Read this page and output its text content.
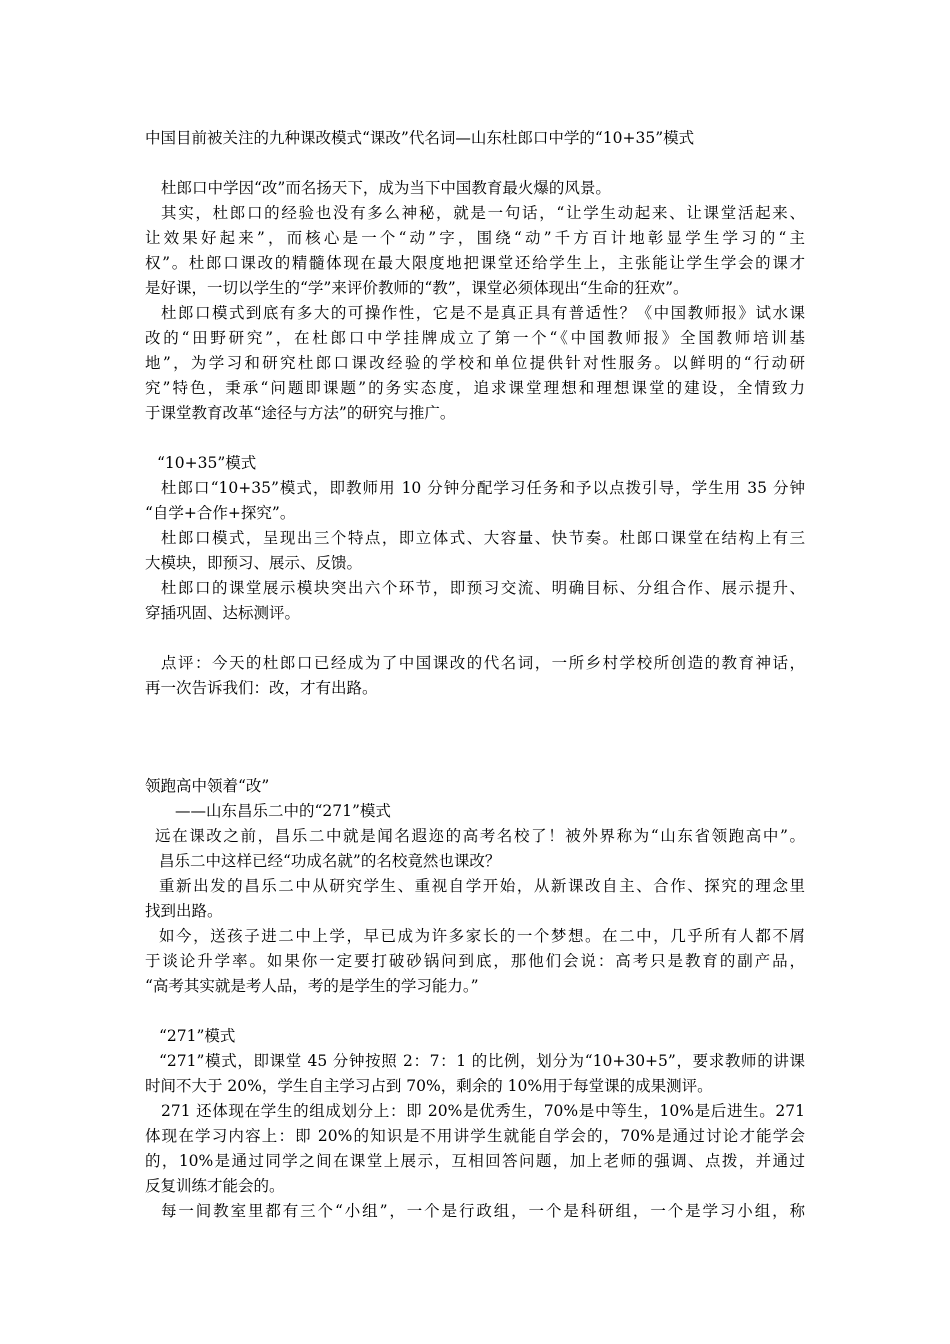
中国目前被关注的九种课改模式“课改”代名词—山东杜郎口中学的“10+35”模式
杜郎口中学因“改”而名扬天下，成为当下中国教育最火爆的风景。
其实，杜郎口的经验也没有多么神秘，就是一句话，“让学生动起来、让课堂活起来、
让效果好起来”，而核心是一个“动”字，围绕“动”千方百计地彰显学生学习的“主
权”。杜郎口课改的精髓体现在最大限度地把课堂还给学生上，主张能让学生学会的课才
是好课，一切以学生的“学”来评价教师的“教”，课堂必须体现出“生命的狂欢”。
杜郎口模式到底有多大的可操作性，它是不是真正具有普适性？《中国教师报》试水课
改的“田野研究”，在杜郎口中学挂牌成立了第一个“《中国教师报》全国教师培训基
地”，为学习和研究杜郎口课改经验的学校和单位提供针对性服务。以鲜明的“行动研
究”特色，秉承“问题即课题”的务实态度，追求课堂理想和理想课堂的建设，全情致力
于课堂教育改革“途径与方法”的研究与推广。
“10+35”模式
杜郎口“10+35”模式，即教师用 10 分钟分配学习任务和予以点拨引导，学生用 35 分钟
“自学+合作+探究”。
杜郎口模式，呈现出三个特点，即立体式、大容量、快节奏。杜郎口课堂在结构上有三
大模块，即预习、展示、反馈。
杜郎口的课堂展示模块突出六个环节，即预习交流、明确目标、分组合作、展示提升、
穿插巩固、达标测评。
点评：今天的杜郎口已经成为了中国课改的代名词，一所乡村学校所创造的教育神话，
再一次告诉我们：改，才有出路。
领跑高中领着“改”
——山东昌乐二中的“271”模式
远在课改之前，昌乐二中就是闻名遐迩的高考名校了！被外界称为“山东省领跑高中”。
昌乐二中这样已经“功成名就”的名校竟然也课改？
重新出发的昌乐二中从研究学生、重视自学开始，从新课改自主、合作、探究的理念里
找到出路。
如今，送孩子进二中上学，早已成为许多家长的一个梦想。在二中，几乎所有人都不屑
于谈论升学率。如果你一定要打破砂锅问到底，那他们会说：高考只是教育的副产品，
“高考其实就是考人品，考的是学生的学习能力。”
“271”模式
“271”模式，即课堂 45 分钟按照 2：7：1 的比例，划分为“10+30+5”，要求教师的讲课
时间不大于 20%，学生自主学习占到 70%，剩余的 10%用于每堂课的成果测评。
271 还体现在学生的组成划分上：即 20%是优秀生，70%是中等生，10%是后进生。271
体现在学习内容上：即 20%的知识是不用讲学生就能自学会的，70%是通过讨论才能学会
的，10%是通过同学之间在课堂上展示，互相回答问题，加上老师的强调、点拨，并通过
反复训练才能会的。
每一间教室里都有三个“小组”，一个是行政组，一个是科研组，一个是学习小组，称
